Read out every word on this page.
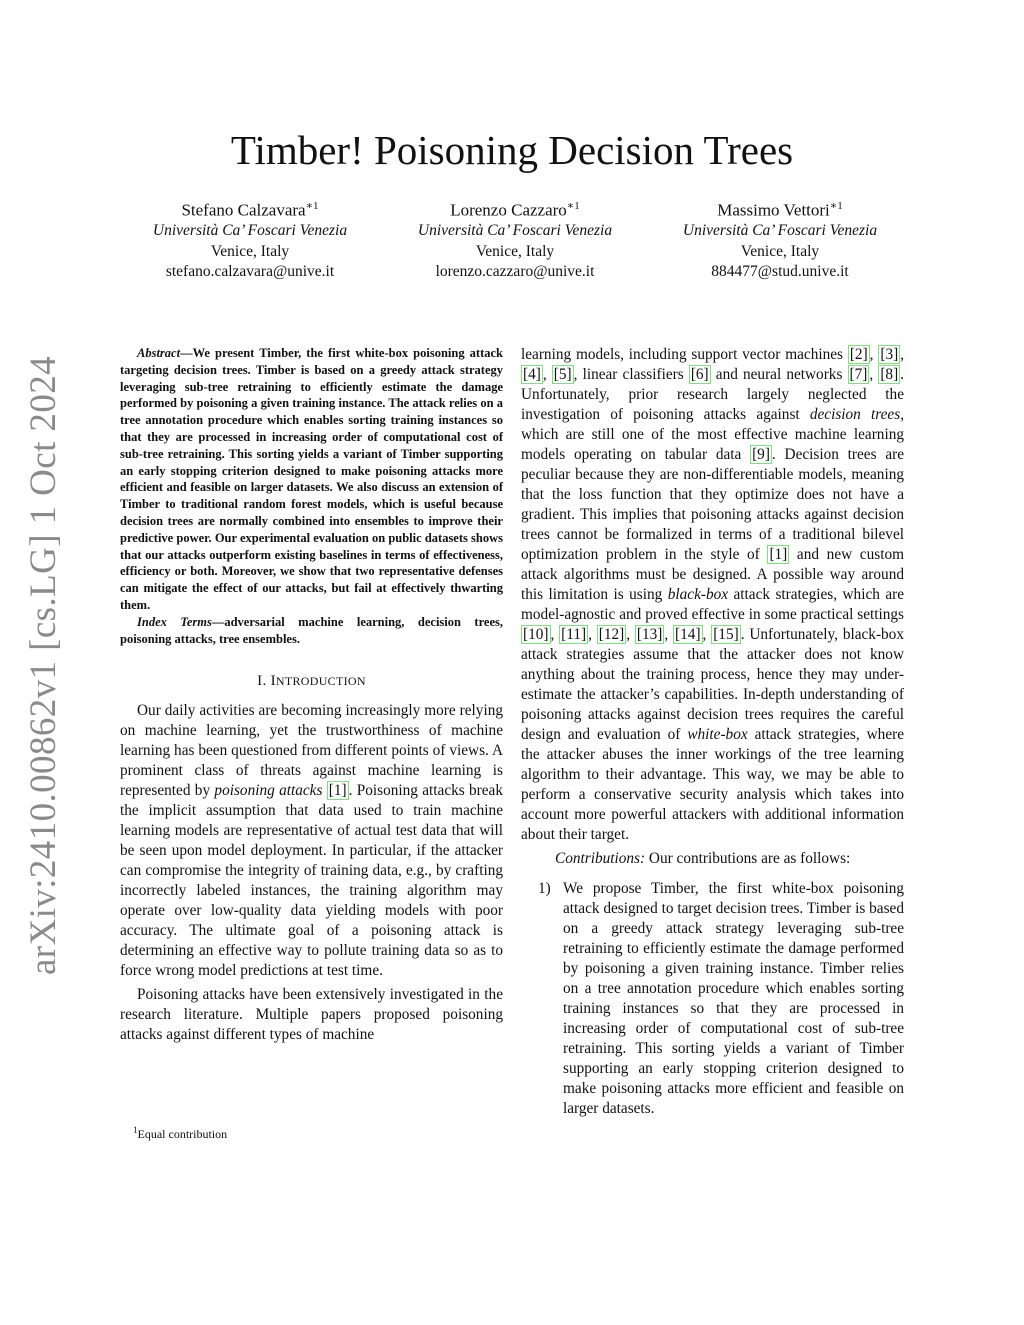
arXiv:2410.00862v1 [cs.LG] 1 Oct 2024
Timber! Poisoning Decision Trees
Stefano Calzavara$^{∗1}$
Università Ca’ Foscari Venezia
Venice, Italy
stefano.calzavara@unive.it
Lorenzo Cazzaro$^{∗1}$
Università Ca’ Foscari Venezia
Venice, Italy
lorenzo.cazzaro@unive.it
Massimo Vettori$^{∗1}$
Università Ca’ Foscari Venezia
Venice, Italy
884477@stud.unive.it

Abstract—We present Timber, the first white-box poisoning attack targeting decision trees. Timber is based on a greedy attack strategy leveraging sub-tree retraining to efficiently estimate the damage performed by poisoning a given training instance. The attack relies on a tree annotation procedure which enables sorting training instances so that they are processed in increasing order of computational cost of sub-tree retraining. This sorting yields a variant of Timber supporting an early stopping criterion designed to make poisoning attacks more efficient and feasible on larger datasets. We also discuss an extension of Timber to traditional random forest models, which is useful because decision trees are normally combined into ensembles to improve their predictive power. Our experimental evaluation on public datasets shows that our attacks outperform existing baselines in terms of effectiveness, efficiency or both. Moreover, we show that two representative defenses can mitigate the effect of our attacks, but fail at effectively thwarting them.

Index Terms—adversarial machine learning, decision trees, poisoning attacks, tree ensembles.

I. INTRODUCTION

Our daily activities are becoming increasingly more relying on machine learning, yet the trustworthiness of machine learning has been questioned from different points of views. A prominent class of threats against machine learning is represented by poisoning attacks [1] . Poisoning attacks break the implicit assumption that data used to train machine learning models are representative of actual test data that will be seen upon model deployment. In particular, if the attacker can compromise the integrity of training data, e.g., by crafting incorrectly labeled instances, the training algorithm may operate over low-quality data yielding models with poor accuracy. The ultimate goal of a poisoning attack is determining an effective way to pollute training data so as to force wrong model predictions at test time.

Poisoning attacks have been extensively investigated in the research literature. Multiple papers proposed poisoning attacks against different types of machine

$^1$Equal contribution

learning models, including support vector machines [2] , [3] , [4] , [5] , linear classifiers [6] and neural networks [7] , [8] . Unfortunately, prior research largely neglected the investigation of poisoning attacks against decision trees, which are still one of the most effective machine learning models operating on tabular data [9] . Decision trees are peculiar because they are non-differentiable models, meaning that the loss function that they optimize does not have a gradient. This implies that poisoning attacks against decision trees cannot be formalized in terms of a traditional bilevel optimization problem in the style of [1] and new custom attack algorithms must be designed. A possible way around this limitation is using black-box attack strategies, which are model-agnostic and proved effective in some practical settings [10] , [11] , [12] , [13] , [14] , [15] . Unfortunately, black-box attack strategies assume that the attacker does not know anything about the training process, hence they may under-estimate the attacker’s capabilities. In-depth understanding of poisoning attacks against decision trees requires the careful design and evaluation of white-box attack strategies, where the attacker abuses the inner workings of the tree learning algorithm to their advantage. This way, we may be able to perform a conservative security analysis which takes into account more powerful attackers with additional information about their target.

Contributions: Our contributions are as follows:

1) We propose Timber, the first white-box poisoning attack designed to target decision trees. Timber is based on a greedy attack strategy leveraging sub-tree retraining to efficiently estimate the damage performed by poisoning a given training instance. Timber relies on a tree annotation procedure which enables sorting training instances so that they are processed in increasing order of computational cost of sub-tree retraining. This sorting yields a variant of Timber supporting an early stopping criterion designed to make poisoning attacks more efficient and feasible on larger datasets.
